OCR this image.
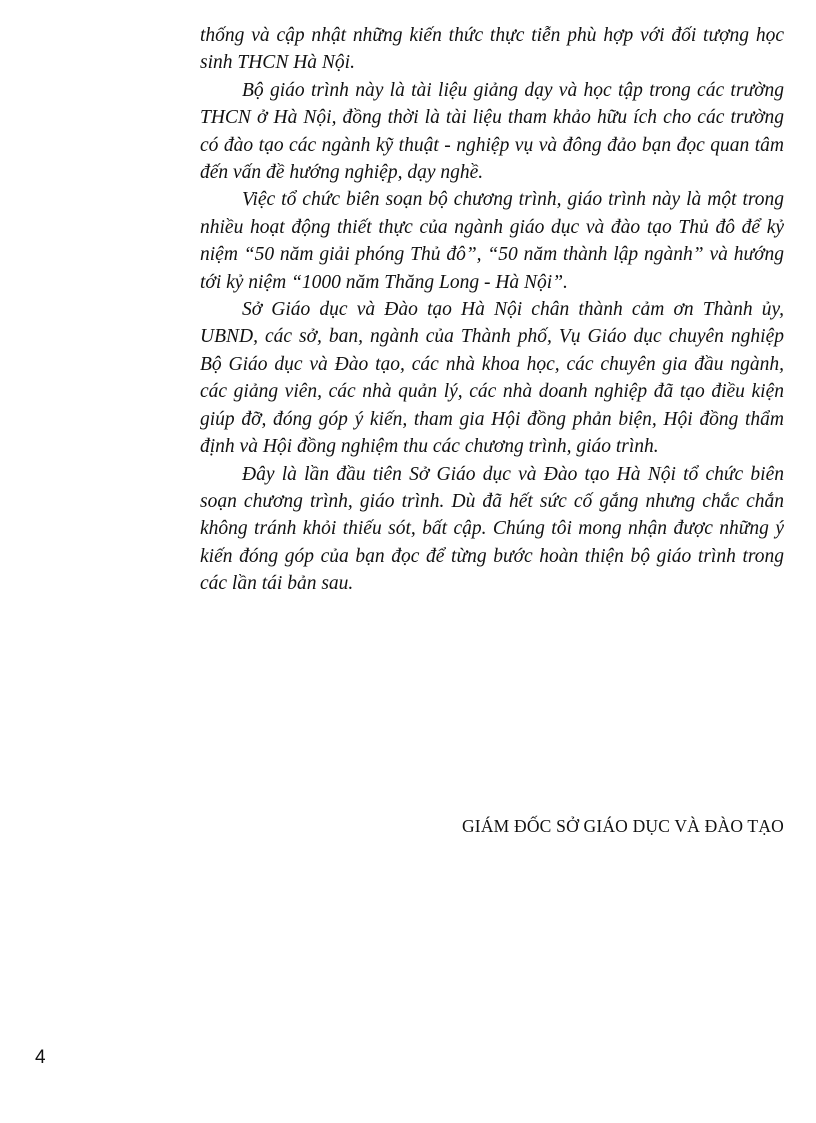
thống và cập nhật những kiến thức thực tiễn phù hợp với đối tượng học sinh THCN Hà Nội.

Bộ giáo trình này là tài liệu giảng dạy và học tập trong các trường THCN ở Hà Nội, đồng thời là tài liệu tham khảo hữu ích cho các trường có đào tạo các ngành kỹ thuật - nghiệp vụ và đông đảo bạn đọc quan tâm đến vấn đề hướng nghiệp, dạy nghề.

Việc tổ chức biên soạn bộ chương trình, giáo trình này là một trong nhiều hoạt động thiết thực của ngành giáo dục và đào tạo Thủ đô để kỷ niệm “50 năm giải phóng Thủ đô”, “50 năm thành lập ngành” và hướng tới kỷ niệm “1000 năm Thăng Long - Hà Nội”.

Sở Giáo dục và Đào tạo Hà Nội chân thành cảm ơn Thành ủy, UBND, các sở, ban, ngành của Thành phố, Vụ Giáo dục chuyên nghiệp Bộ Giáo dục và Đào tạo, các nhà khoa học, các chuyên gia đầu ngành, các giảng viên, các nhà quản lý, các nhà doanh nghiệp đã tạo điều kiện giúp đỡ, đóng góp ý kiến, tham gia Hội đồng phản biện, Hội đồng thẩm định và Hội đồng nghiệm thu các chương trình, giáo trình.

Đây là lần đầu tiên Sở Giáo dục và Đào tạo Hà Nội tổ chức biên soạn chương trình, giáo trình. Dù đã hết sức cố gắng nhưng chắc chắn không tránh khỏi thiếu sót, bất cập. Chúng tôi mong nhận được những ý kiến đóng góp của bạn đọc để từng bước hoàn thiện bộ giáo trình trong các lần tái bản sau.

GIÁM ĐỐC SỞ GIÁO DỤC VÀ ĐÀO TẠO
4
